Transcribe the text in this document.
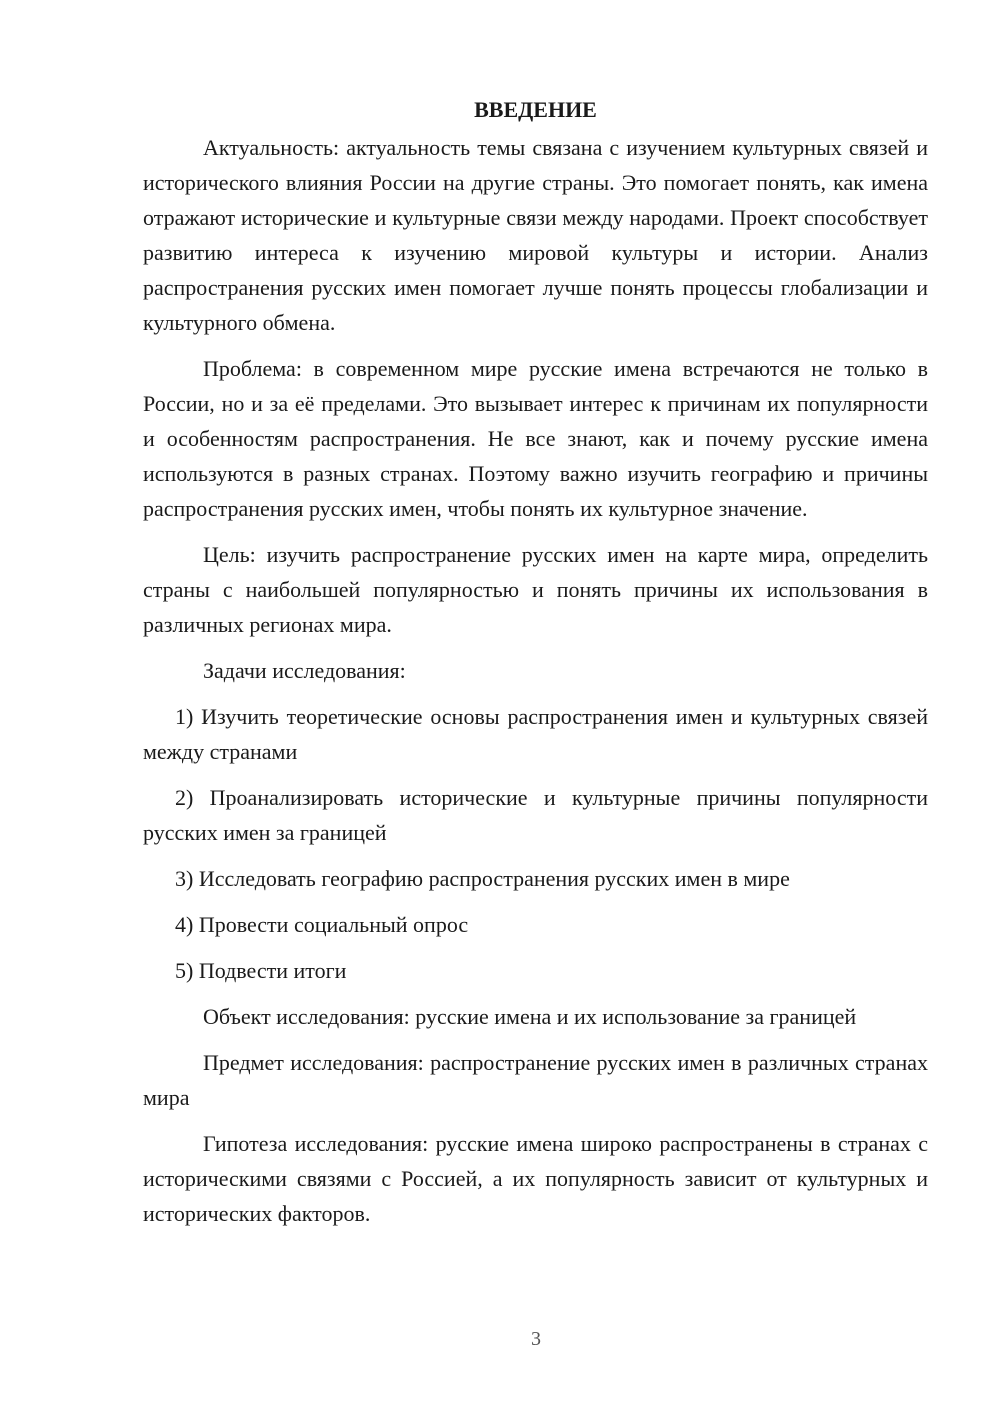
ВВЕДЕНИЕ

Актуальность: актуальность темы связана с изучением культурных связей и исторического влияния России на другие страны. Это помогает понять, как имена отражают исторические и культурные связи между народами. Проект способствует развитию интереса к изучению мировой культуры и истории. Анализ распространения русских имен помогает лучше понять процессы глобализации и культурного обмена.

Проблема: в современном мире русские имена встречаются не только в России, но и за её пределами. Это вызывает интерес к причинам их популярности и особенностям распространения. Не все знают, как и почему русские имена используются в разных странах. Поэтому важно изучить географию и причины распространения русских имен, чтобы понять их культурное значение.

Цель: изучить распространение русских имен на карте мира, определить страны с наибольшей популярностью и понять причины их использования в различных регионах мира.

Задачи исследования:

1) Изучить теоретические основы распространения имен и культурных связей между странами

2) Проанализировать исторические и культурные причины популярности русских имен за границей

3) Исследовать географию распространения русских имен в мире

4) Провести социальный опрос

5) Подвести итоги

Объект исследования: русские имена и их использование за границей

Предмет исследования: распространение русских имен в различных странах мира

Гипотеза исследования: русские имена широко распространены в странах с историческими связями с Россией, а их популярность зависит от культурных и исторических факторов.

3
